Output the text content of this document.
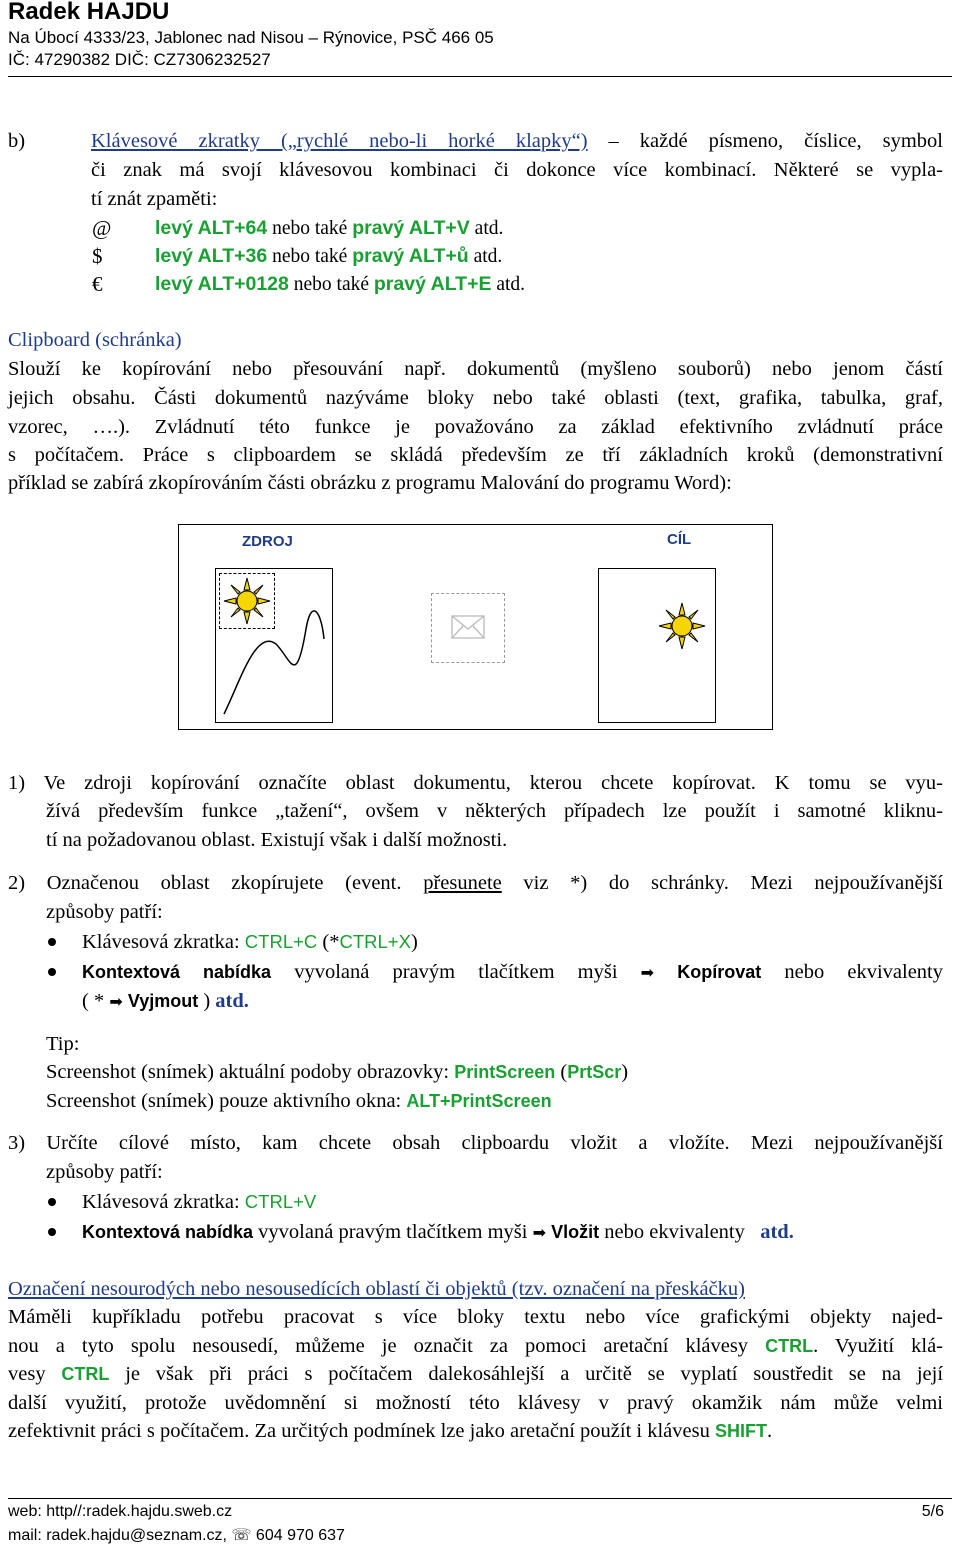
Radek HAJDU
Na Úbocí 4333/23, Jablonec nad Nisou – Rýnovice, PSČ 466 05
IČ: 47290382 DIČ: CZ7306232527
b)	Klávesové zkratky („rychlé nebo-li horké klapky“) – každé písmeno, číslice, symbol
či znak má svojí klávesovou kombinaci či dokonce více kombinací. Některé se vypla-
tí znát zpaměti:
@ levý ALT+64 nebo také pravý ALT+V atd.
$	levý ALT+36 nebo také pravý ALT+ů atd.
€	levý ALT+0128 nebo také pravý ALT+E atd.
Clipboard (schránka)
Slouží ke kopírování nebo přesouvání např. dokumentů (myšleno souborů) nebo jenom částí
jejich obsahu. Části dokumentů nazýváme bloky nebo také oblasti (text, grafika, tabulka, graf,
vzorec, ….). Zvládnutí této funkce je považováno za základ efektivního zvládnutí práce
s počítačem. Práce s clipboardem se skládá především ze tří základních kroků (demonstrativní
příklad se zabírá zkopírováním části obrázku z programu Malování do programu Word):
ZDROJ	CÍL
1) Ve zdroji kopírování označíte oblast dokumentu, kterou chcete kopírovat. K tomu se vyu-
žívá především funkce „tažení“, ovšem v některých případech lze použít i samotné kliknu-
tí na požadovanou oblast. Existují však i další možnosti.
2) Označenou oblast zkopírujete (event. přesunete viz *) do schránky. Mezi nejpoužívanější
způsoby patří:
Klávesová zkratka: CTRL+C (*CTRL+X)
Kontextová nabídka vyvolaná pravým tlačítkem myši ➡ Kopírovat nebo ekvivalenty
( * ➡ Vyjmout ) atd.
Tip:
Screenshot (snímek) aktuální podoby obrazovky: PrintScreen (PrtScr)
Screenshot (snímek) pouze aktivního okna: ALT+PrintScreen
3) Určíte cílové místo, kam chcete obsah clipboardu vložit a vložíte. Mezi nejpoužívanější
způsoby patří:
Klávesová zkratka: CTRL+V
Kontextová nabídka vyvolaná pravým tlačítkem myši ➡ Vložit nebo ekvivalenty   atd.
Označení nesourodých nebo nesousedících oblastí či objektů (tzv. označení na přeskáčku)
Máměli kupříkladu potřebu pracovat s více bloky textu nebo více grafickými objekty najed-
nou a tyto spolu nesousedí, můžeme je označit za pomoci aretační klávesy CTRL. Využití klá-
vesy CTRL je však při práci s počítačem dalekosáhlejší a určitě se vyplatí soustředit se na její
další využití, protože uvědomnění si možností této klávesy v pravý okamžik nám může velmi
zefektivnit práci s počítačem. Za určitých podmínek lze jako aretační použít i klávesu SHIFT.
web: http//:radek.hajdu.sweb.cz	5/6
mail: radek.hajdu@seznam.cz, ☏ 604 970 637
